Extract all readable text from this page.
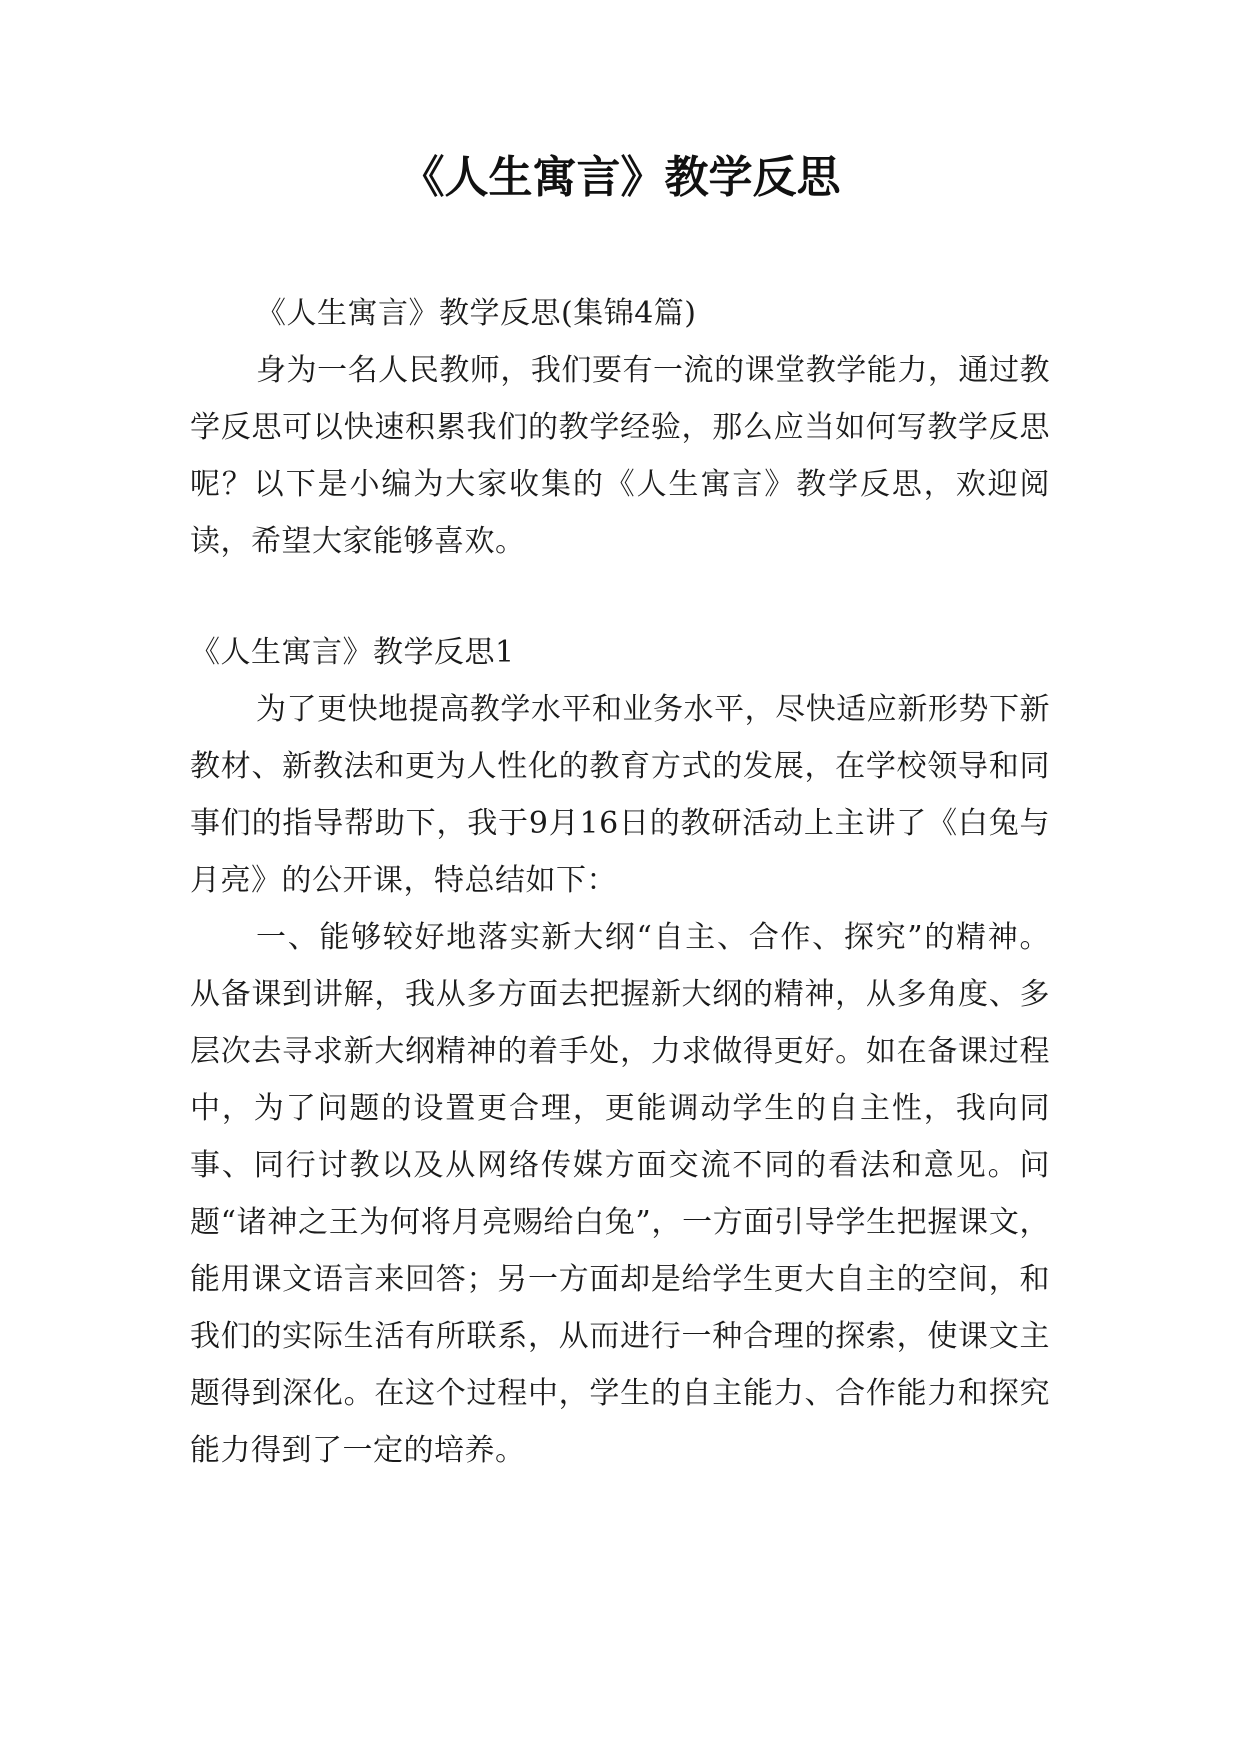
《人生寓言》教学反思

《人生寓言》教学反思(集锦4篇)

身为一名人民教师，我们要有一流的课堂教学能力，通过教学反思可以快速积累我们的教学经验，那么应当如何写教学反思呢？以下是小编为大家收集的《人生寓言》教学反思，欢迎阅读，希望大家能够喜欢。

《人生寓言》教学反思1

为了更快地提高教学水平和业务水平，尽快适应新形势下新教材、新教法和更为人性化的教育方式的发展，在学校领导和同事们的指导帮助下，我于9月16日的教研活动上主讲了《白兔与月亮》的公开课，特总结如下：

一、能够较好地落实新大纲“自主、合作、探究”的精神。从备课到讲解，我从多方面去把握新大纲的精神，从多角度、多层次去寻求新大纲精神的着手处，力求做得更好。如在备课过程中，为了问题的设置更合理，更能调动学生的自主性，我向同事、同行讨教以及从网络传媒方面交流不同的看法和意见。问题“诸神之王为何将月亮赐给白兔”，一方面引导学生把握课文，能用课文语言来回答；另一方面却是给学生更大自主的空间，和我们的实际生活有所联系，从而进行一种合理的探索，使课文主题得到深化。在这个过程中，学生的自主能力、合作能力和探究能力得到了一定的培养。
